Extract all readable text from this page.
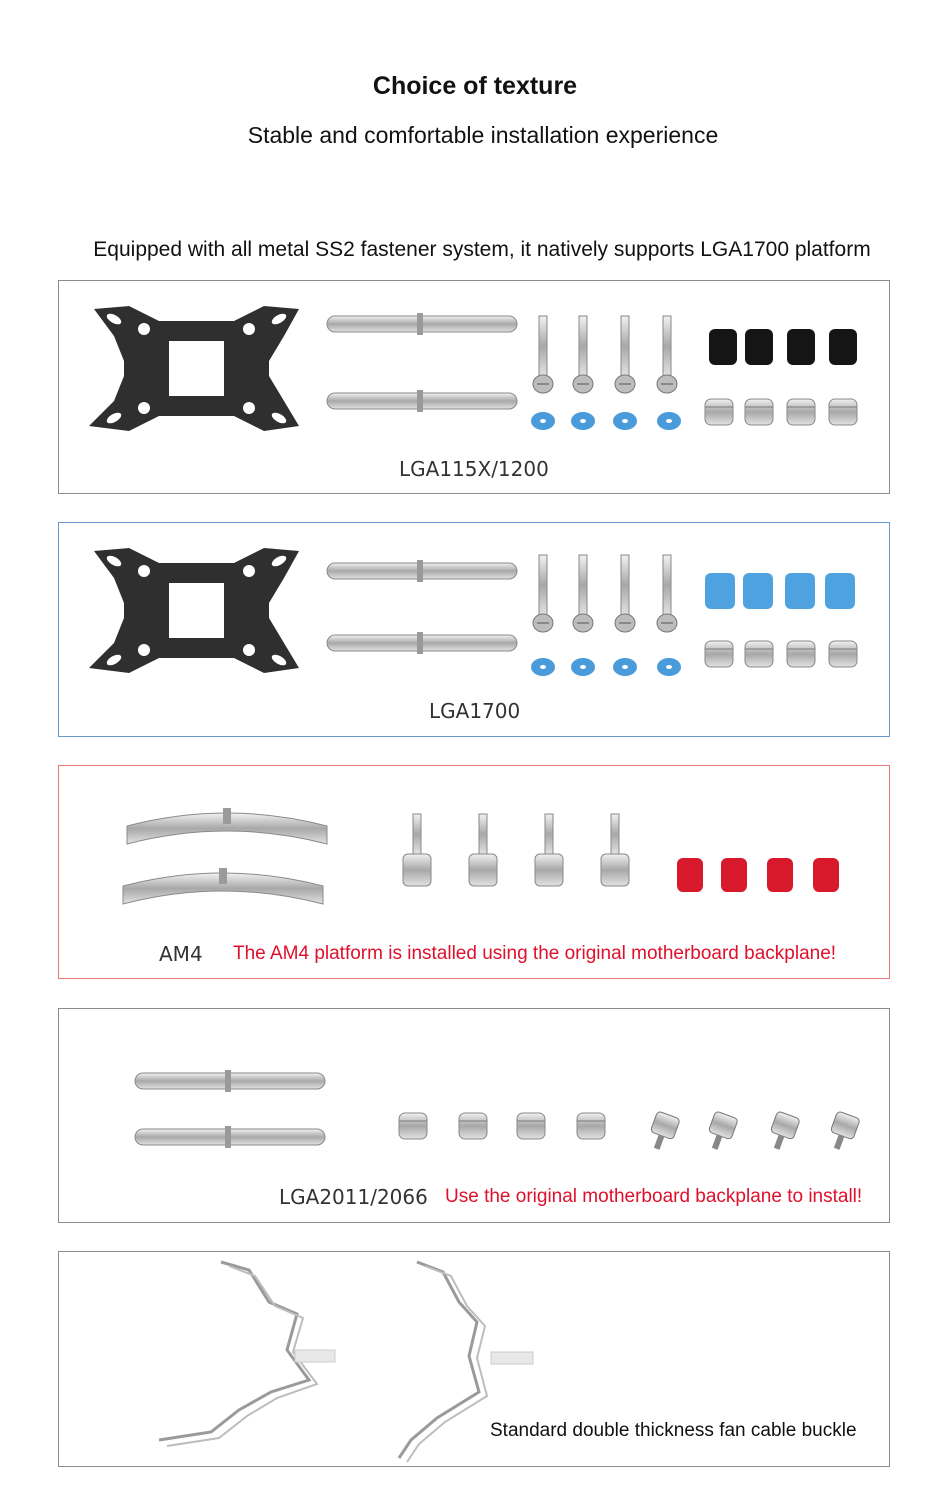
Choice of texture
Stable and comfortable installation experience
Equipped with all metal SS2 fastener system, it natively supports LGA1700 platform
LGA115X/1200
LGA1700
AM4 The AM4 platform is installed using the original motherboard backplane!
LGA2011/2066 Use the original motherboard backplane to install!
Standard double thickness fan cable buckle
